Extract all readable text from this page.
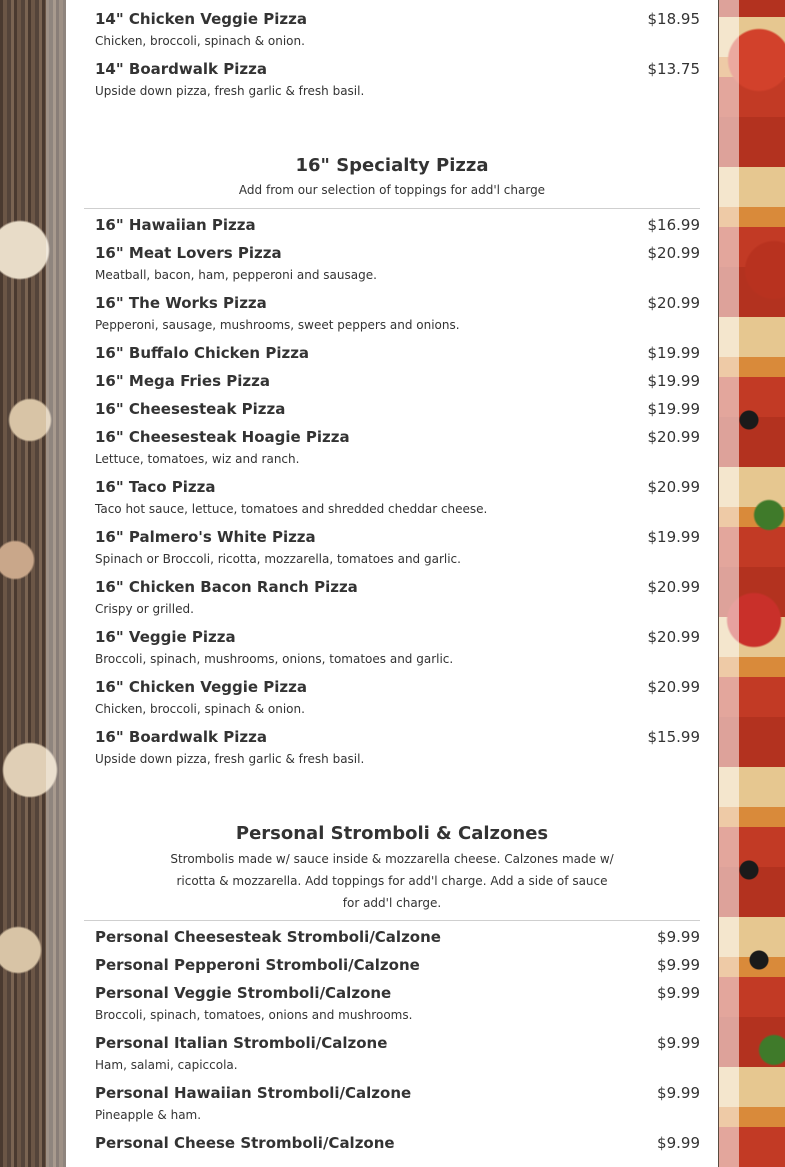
14" Chicken Veggie Pizza	$18.95
Chicken, broccoli, spinach & onion.
14" Boardwalk Pizza	$13.75
Upside down pizza, fresh garlic & fresh basil.
16" Specialty Pizza
Add from our selection of toppings for add'l charge
16" Hawaiian Pizza	$16.99
16" Meat Lovers Pizza	$20.99
Meatball, bacon, ham, pepperoni and sausage.
16" The Works Pizza	$20.99
Pepperoni, sausage, mushrooms, sweet peppers and onions.
16" Buffalo Chicken Pizza	$19.99
16" Mega Fries Pizza	$19.99
16" Cheesesteak Pizza	$19.99
16" Cheesesteak Hoagie Pizza	$20.99
Lettuce, tomatoes, wiz and ranch.
16" Taco Pizza	$20.99
Taco hot sauce, lettuce, tomatoes and shredded cheddar cheese.
16" Palmero's White Pizza	$19.99
Spinach or Broccoli, ricotta, mozzarella, tomatoes and garlic.
16" Chicken Bacon Ranch Pizza	$20.99
Crispy or grilled.
16" Veggie Pizza	$20.99
Broccoli, spinach, mushrooms, onions, tomatoes and garlic.
16" Chicken Veggie Pizza	$20.99
Chicken, broccoli, spinach & onion.
16" Boardwalk Pizza	$15.99
Upside down pizza, fresh garlic & fresh basil.
Personal Stromboli & Calzones
Strombolis made w/ sauce inside & mozzarella cheese. Calzones made w/ ricotta & mozzarella. Add toppings for add'l charge. Add a side of sauce for add'l charge.
Personal Cheesesteak Stromboli/Calzone	$9.99
Personal Pepperoni Stromboli/Calzone	$9.99
Personal Veggie Stromboli/Calzone	$9.99
Broccoli, spinach, tomatoes, onions and mushrooms.
Personal Italian Stromboli/Calzone	$9.99
Ham, salami, capiccola.
Personal Hawaiian Stromboli/Calzone	$9.99
Pineapple & ham.
Personal Cheese Stromboli/Calzone	$9.99
